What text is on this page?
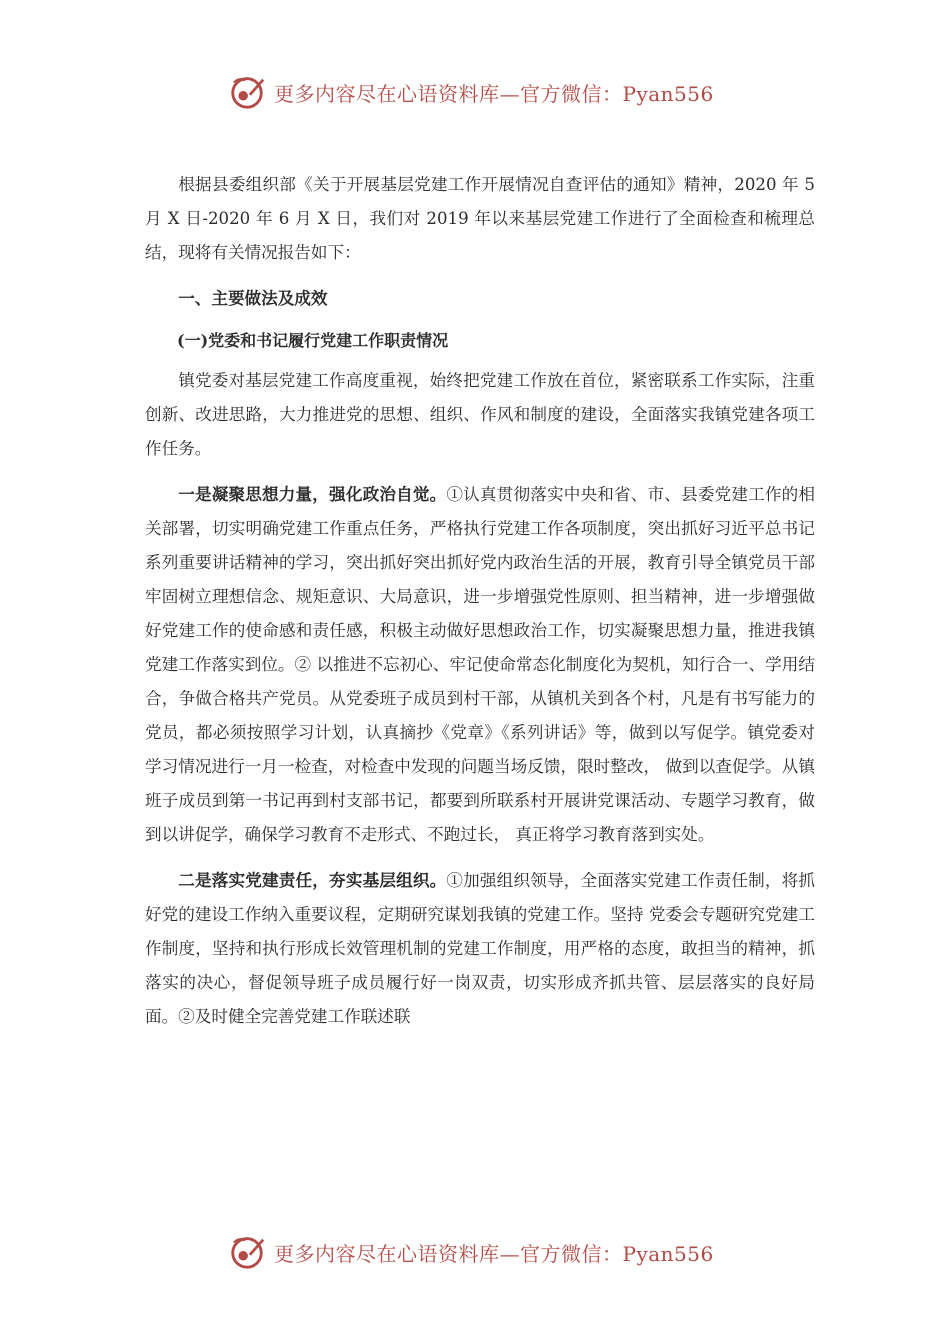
更多内容尽在心语资料库—官方微信：Pyan556

根据县委组织部《关于开展基层党建工作开展情况自查评估的通知》精神，2020 年 5 月 X 日-2020 年 6 月 X 日，我们对 2019 年以来基层党建工作进行了全面检查和梳理总结，现将有关情况报告如下：

一、主要做法及成效

(一)党委和书记履行党建工作职责情况

镇党委对基层党建工作高度重视，始终把党建工作放在首位，紧密联系工作实际，注重创新、改进思路，大力推进党的思想、组织、作风和制度的建设，全面落实我镇党建各项工作任务。

一是凝聚思想力量，强化政治自觉。①认真贯彻落实中央和省、市、县委党建工作的相关部署，切实明确党建工作重点任务，严格执行党建工作各项制度，突出抓好习近平总书记系列重要讲话精神的学习，突出抓好突出抓好党内政治生活的开展，教育引导全镇党员干部牢固树立理想信念、规矩意识、大局意识，进一步增强党性原则、担当精神，进一步增强做好党建工作的使命感和责任感，积极主动做好思想政治工作，切实凝聚思想力量，推进我镇党建工作落实到位。② 以推进不忘初心、牢记使命常态化制度化为契机，知行合一、学用结合，争做合格共产党员。从党委班子成员到村干部，从镇机关到各个村，凡是有书写能力的党员，都必须按照学习计划，认真摘抄《党章》《系列讲话》等，做到以写促学。镇党委对学习情况进行一月一检查，对检查中发现的问题当场反馈，限时整改， 做到以查促学。从镇班子成员到第一书记再到村支部书记，都要到所联系村开展讲党课活动、专题学习教育，做到以讲促学，确保学习教育不走形式、不跑过长， 真正将学习教育落到实处。

二是落实党建责任，夯实基层组织。①加强组织领导，全面落实党建工作责任制，将抓好党的建设工作纳入重要议程，定期研究谋划我镇的党建工作。坚持 党委会专题研究党建工作制度，坚持和执行形成长效管理机制的党建工作制度，用严格的态度，敢担当的精神，抓落实的决心，督促领导班子成员履行好一岗双责，切实形成齐抓共管、层层落实的良好局面。②及时健全完善党建工作联述联

更多内容尽在心语资料库—官方微信：Pyan556
